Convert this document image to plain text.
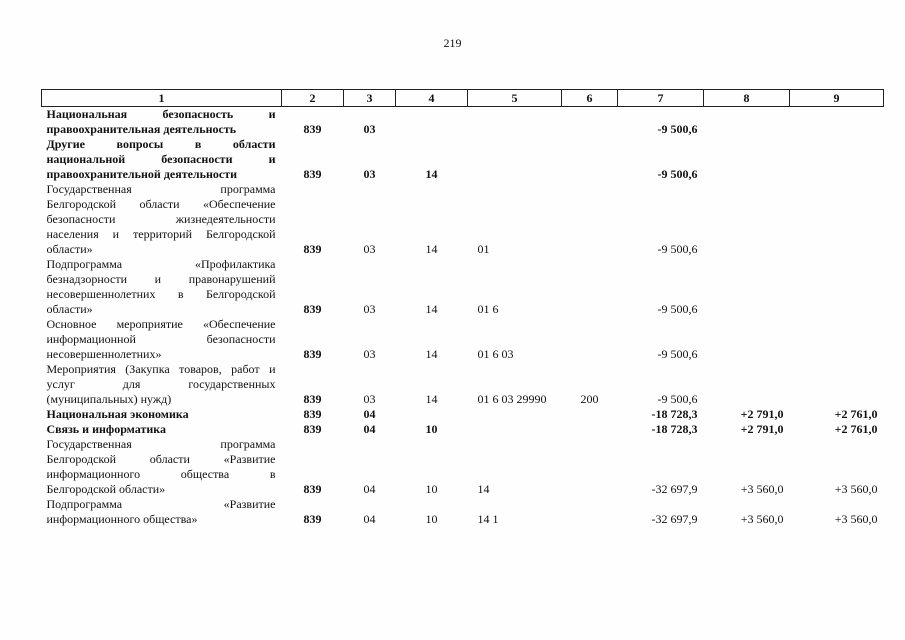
219
1	2	3	4	5	6	7	8	9

Национальная безопасность и
правоохранительная деятельность	839	03				-9 500,6		

Другие вопросы в области
национальной безопасности и
правоохранительной деятельности	839	03	14			-9 500,6		

Государственная программа
Белгородской области «Обеспечение
безопасности жизнедеятельности
населения и территорий Белгородской
области»	839	03	14	01		-9 500,6		

Подпрограмма «Профилактика
безнадзорности и правонарушений
несовершеннолетних в Белгородской
области»	839	03	14	01 6		-9 500,6		

Основное мероприятие «Обеспечение
информационной безопасности
несовершеннолетних»	839	03	14	01 6 03		-9 500,6		

Мероприятия (Закупка товаров, работ и
услуг для государственных
(муниципальных) нужд)	839	03	14	01 6 03 29990	200	-9 500,6		

Национальная экономика	839	04				-18 728,3	+2 791,0	+2 761,0

Связь и информатика	839	04	10			-18 728,3	+2 791,0	+2 761,0

Государственная программа
Белгородской области «Развитие
информационного общества в
Белгородской области»	839	04	10	14		-32 697,9	+3 560,0	+3 560,0

Подпрограмма «Развитие
информационного общества»	839	04	10	14 1		-32 697,9	+3 560,0	+3 560,0
